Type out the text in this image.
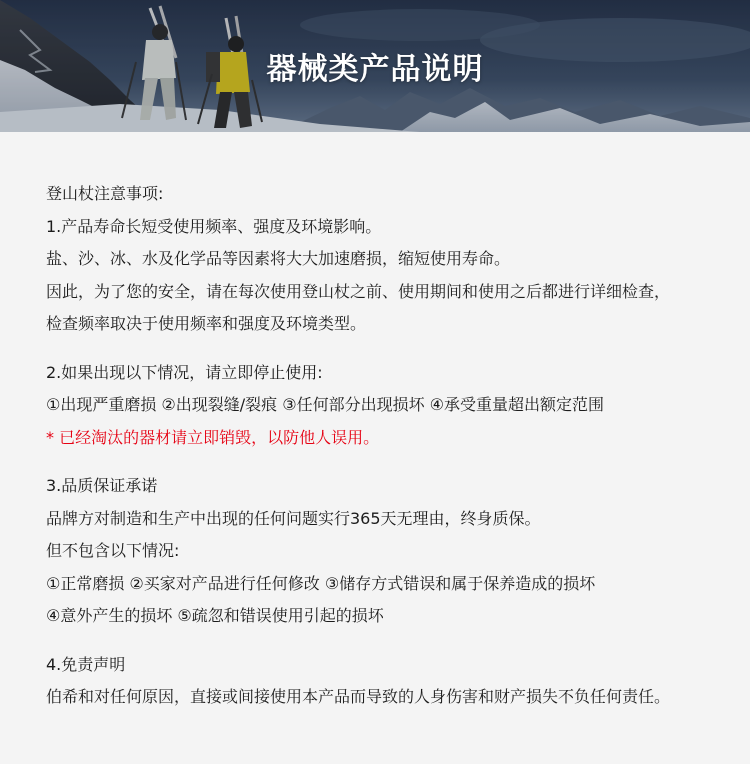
器械类产品说明
登山杖注意事项:
1.产品寿命长短受使用频率、强度及环境影响。
盐、沙、冰、水及化学品等因素将大大加速磨损，缩短使用寿命。
因此，为了您的安全，请在每次使用登山杖之前、使用期间和使用之后都进行详细检查，
检查频率取决于使用频率和强度及环境类型。
2.如果出现以下情况，请立即停止使用:
①出现严重磨损 ②出现裂缝/裂痕 ③任何部分出现损坏 ④承受重量超出额定范围
* 已经淘汰的器材请立即销毁，以防他人误用。
3.品质保证承诺
品牌方对制造和生产中出现的任何问题实行365天无理由，终身质保。
但不包含以下情况:
①正常磨损 ②买家对产品进行任何修改 ③储存方式错误和属于保养造成的损坏
④意外产生的损坏 ⑤疏忽和错误使用引起的损坏
4.免责声明
伯希和对任何原因，直接或间接使用本产品而导致的人身伤害和财产损失不负任何责任。
